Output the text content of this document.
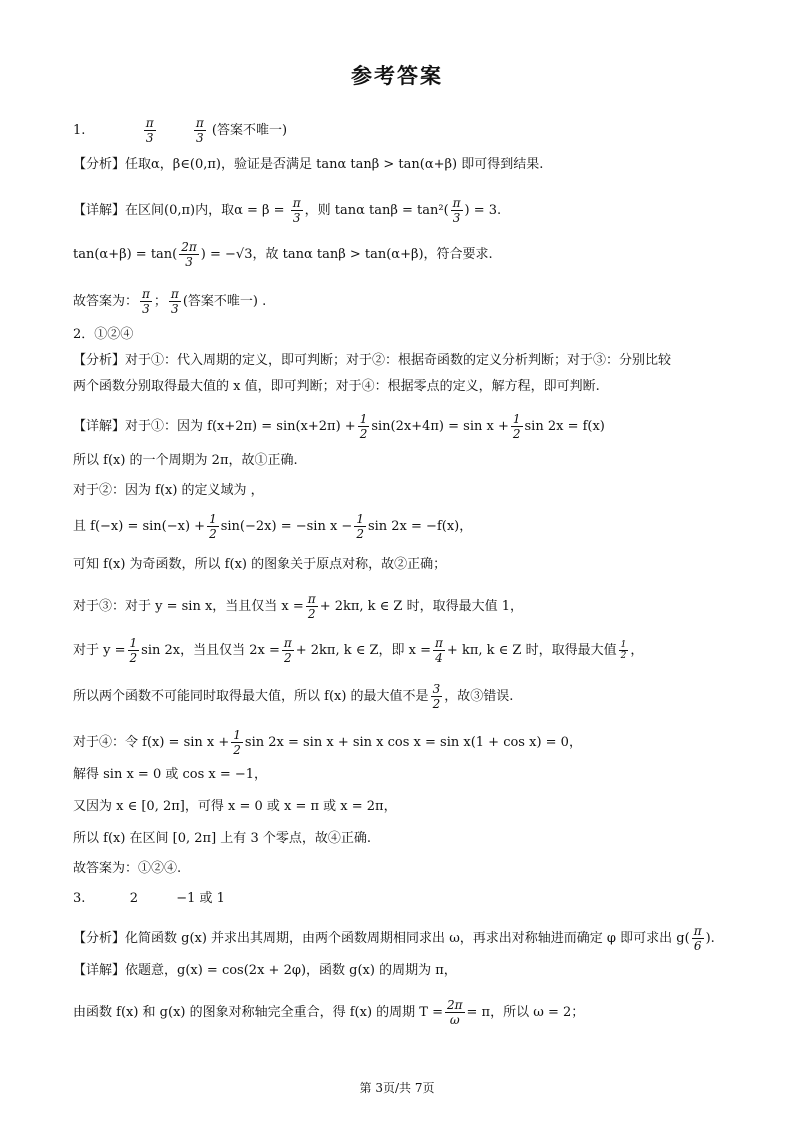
参考答案
1.	$\frac{\pi}{3}$
	$\frac{\pi}{3}$ (答案不唯一)
【分析】任取α，β∈(0,π)，验证是否满足 tanα tanβ > tan(α+β) 即可得到结果.
【详解】在区间(0,π)内，取$\alpha = \beta = \frac{\pi}{3}$ ，则 tanα $\tan\beta = \tan^2( \frac{\pi}{3}$ ) = 3.
$\tan(\alpha+\beta) = \tan( \frac{2\pi}{3}$ ) = −√3，故 tanα tanβ > tan(α+β)，符合要求.
故答案为： $\frac{\pi}{3}$ ； $\frac{\pi}{3}$ (答案不唯一) .
2．①②④
【分析】对于①：代入周期的定义，即可判断；对于②：根据奇函数的定义分析判断；对于③：分别比较
两个函数分别取得最大值的 x 值，即可判断；对于④：根据零点的定义，解方程，即可判断.
【详解】对于①：因为 $f(x+2\pi) = \sin(x+2\pi) + \frac{1}{2} \sin(2x+4\pi) = \sin x + \frac{1}{2}$ sin 2x = f(x)
所以 f(x) 的一个周期为 2π，故①正确.
对于②：因为 f(x) 的定义域为 ，
且 $f(-x) = \sin(-x) + \frac{1}{2} \sin(-2x) = -\sin$ $x - \frac{1}{2}$ sin 2x = −f(x)，
可知 f(x) 为奇函数，所以 f(x) 的图象关于原点对称，故②正确；
对于③：对于 y = sin x，当且仅当 $x = \frac{\pi}{2} + 2k\pi$, k ∈ Z 时，取得最大值 1，
对于 $y = \frac{1}{2}$ sin 2x，当且仅当 $2x = \frac{\pi}{2} + 2k\pi$, k ∈ Z，即 $x = \frac{\pi}{4} + k\pi$, k ∈ Z 时，取得最大值 $\frac{1}{2}$ ，
所以两个函数不可能同时取得最大值，所以 f(x) 的最大值不是 $\frac{3}{2}$ ，故③错误.
对于④：令 $f(x) = \sin x + \frac{1}{2}$ sin 2x = sin x + sin x cos x = sin x(1 + cos x) = 0，
解得 sin x = 0 或 cos x = −1，
又因为 x ∈ [0, 2π]，可得 x = 0 或 x = π 或 x = 2π，
所以 f(x) 在区间 [0, 2π] 上有 3 个零点，故④正确.
故答案为：①②④.
3.	2	−1 或 1
【分析】化简函数 g(x) 并求出其周期，由两个函数周期相同求出 ω，再求出对称轴进而确定 φ 即可求出 $g( \frac{\pi}{6}$ ).
【详解】依题意，g(x) = cos(2x + 2φ)，函数 g(x) 的周期为 π，
由函数 f(x) 和 g(x) 的图象对称轴完全重合，得 f(x) 的周期 $T = \frac{2\pi}{\omega} = \pi$，所以 ω = 2；
第 3页/共 7页
